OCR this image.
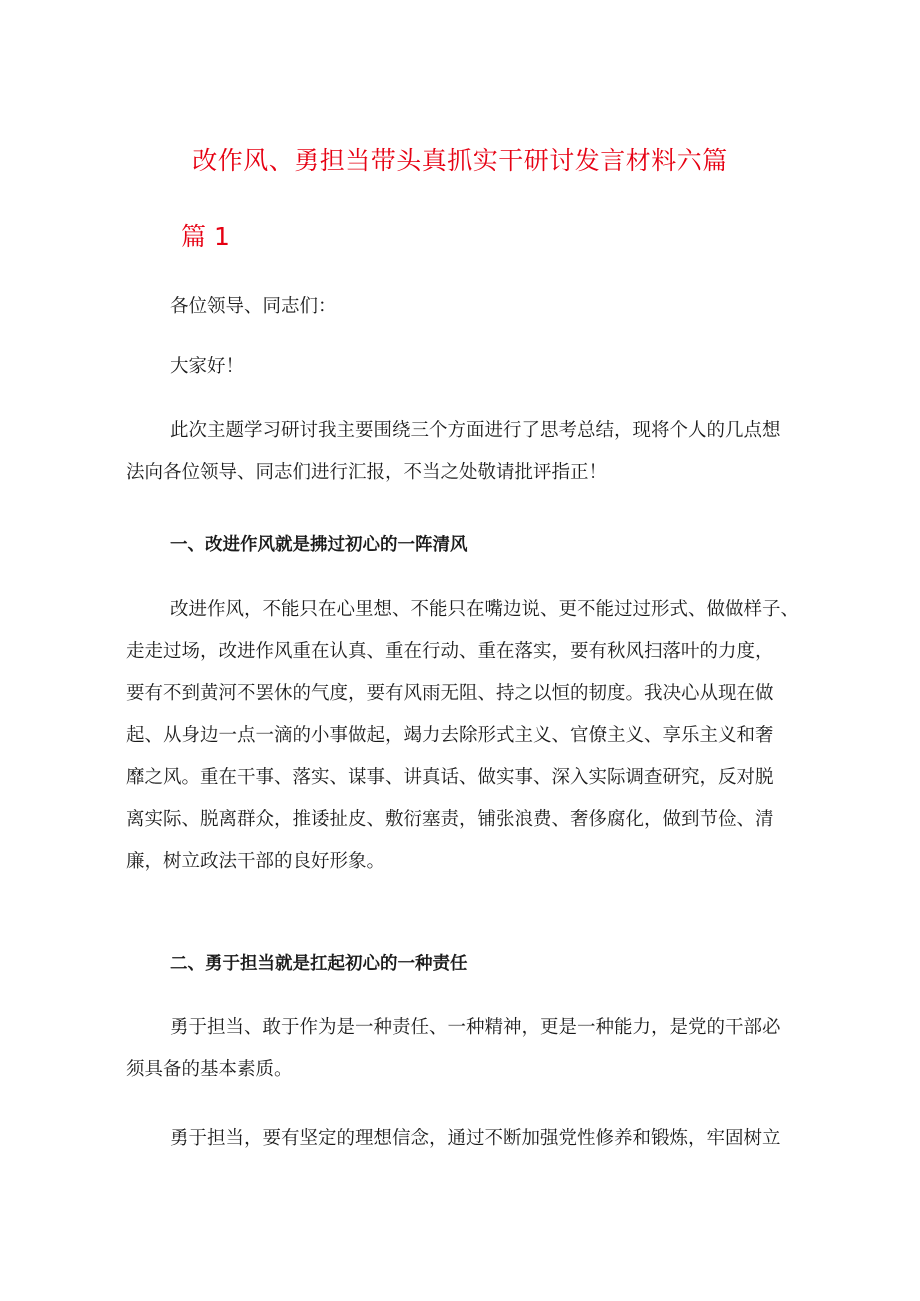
改作风、勇担当带头真抓实干研讨发言材料六篇
篇 1

各位领导、同志们：

大家好！

此次主题学习研讨我主要围绕三个方面进行了思考总结，现将个人的几点想
法向各位领导、同志们进行汇报，不当之处敬请批评指正！

一、改进作风就是拂过初心的一阵清风

改进作风，不能只在心里想、不能只在嘴边说、更不能过过形式、做做样子、
走走过场，改进作风重在认真、重在行动、重在落实，要有秋风扫落叶的力度，
要有不到黄河不罢休的气度，要有风雨无阻、持之以恒的韧度。我决心从现在做
起、从身边一点一滴的小事做起，竭力去除形式主义、官僚主义、享乐主义和奢
靡之风。重在干事、落实、谋事、讲真话、做实事、深入实际调查研究，反对脱
离实际、脱离群众，推诿扯皮、敷衍塞责，铺张浪费、奢侈腐化，做到节俭、清
廉，树立政法干部的良好形象。

二、勇于担当就是扛起初心的一种责任

勇于担当、敢于作为是一种责任、一种精神，更是一种能力，是党的干部必
须具备的基本素质。

勇于担当，要有坚定的理想信念，通过不断加强党性修养和锻炼，牢固树立
